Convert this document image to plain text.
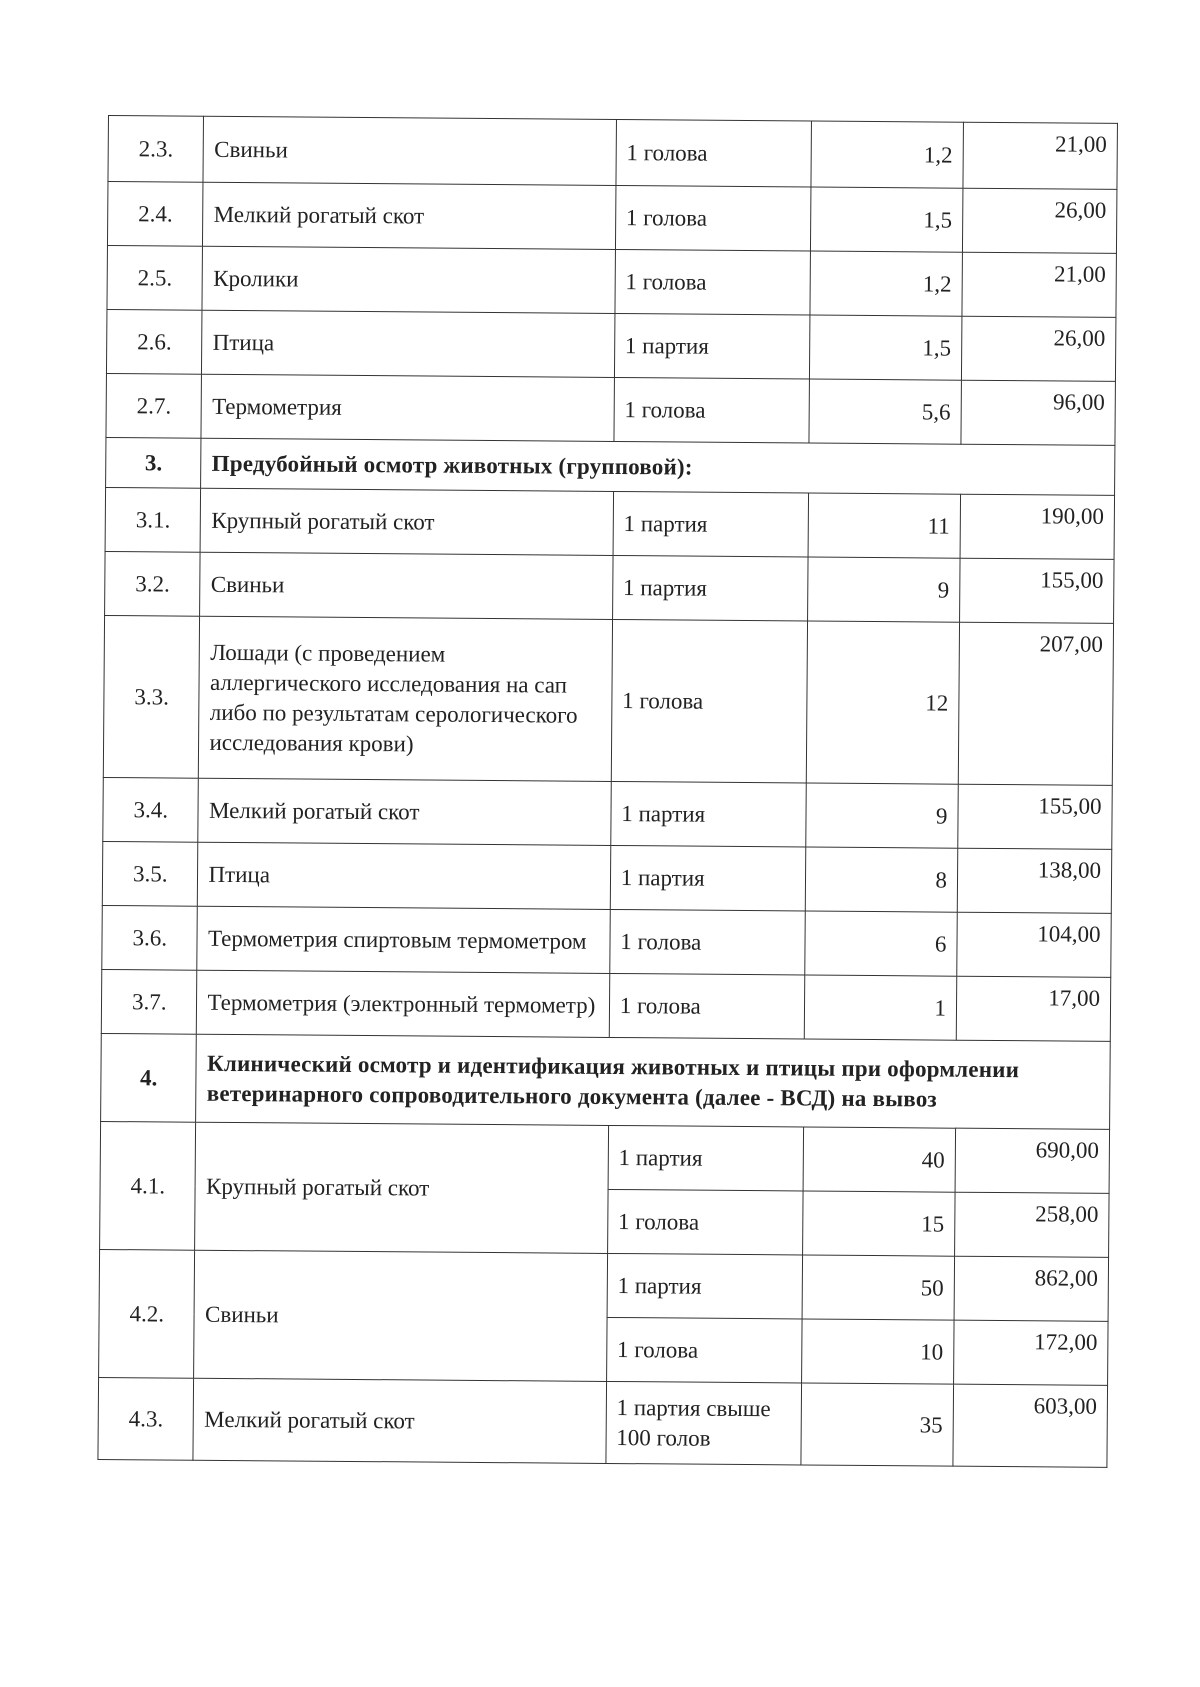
2.3.	Свиньи	1 голова	1,2	21,00
2.4.	Мелкий рогатый скот	1 голова	1,5	26,00
2.5.	Кролики	1 голова	1,2	21,00
2.6.	Птица	1 партия	1,5	26,00
2.7.	Термометрия	1 голова	5,6	96,00
3.	Предубойный осмотр животных (групповой):			
3.1.	Крупный рогатый скот	1 партия	11	190,00
3.2.	Свиньи	1 партия	9	155,00
3.3.	Лошади (с проведением аллергического исследования на сап либо по результатам серологического исследования крови)	1 голова	12	207,00
3.4.	Мелкий рогатый скот	1 партия	9	155,00
3.5.	Птица	1 партия	8	138,00
3.6.	Термометрия спиртовым термометром	1 голова	6	104,00
3.7.	Термометрия (электронный термометр)	1 голова	1	17,00
4.	Клинический осмотр и идентификация животных и птицы при оформлении ветеринарного сопроводительного документа (далее - ВСД) на вывоз			
4.1.	Крупный рогатый скот	1 партия	40	690,00
		1 голова	15	258,00
4.2.	Свиньи	1 партия	50	862,00
		1 голова	10	172,00
4.3.	Мелкий рогатый скот	1 партия свыше 100 голов	35	603,00
